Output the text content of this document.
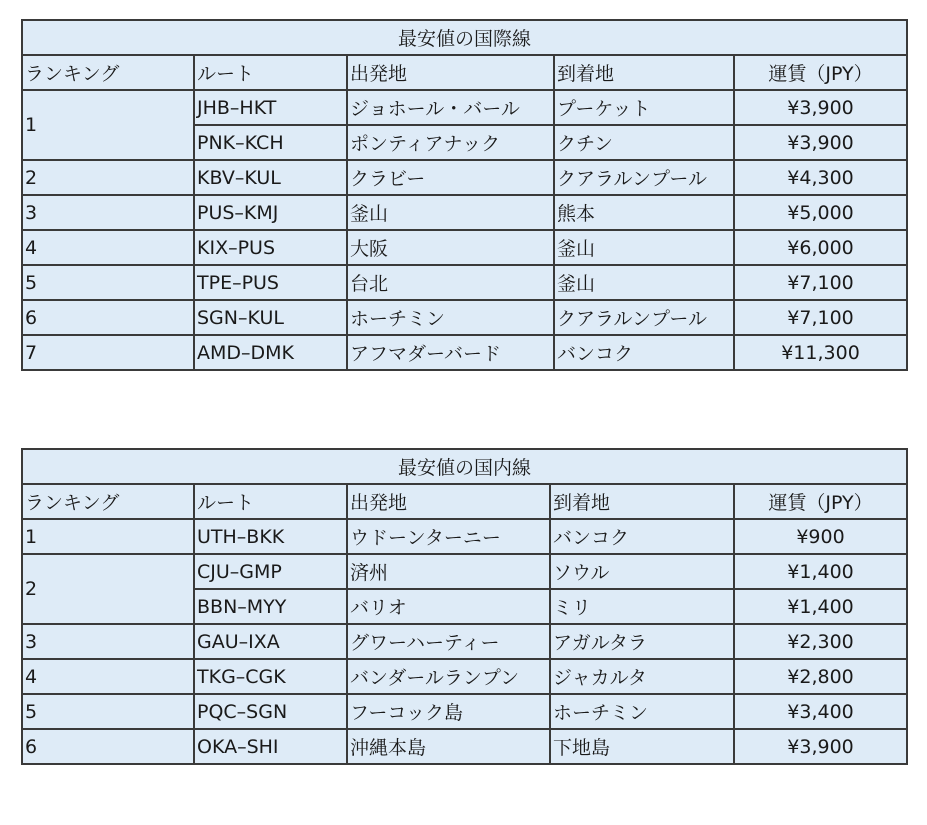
最安値の国際線				
ランキング	ルート	出発地	到着地	運賃（JPY）
1	JHB–HKT	ジョホール・バール	プーケット	¥3,900
	PNK–KCH	ポンティアナック	クチン	¥3,900
2	KBV–KUL	クラビー	クアラルンプール	¥4,300
3	PUS–KMJ	釜山	熊本	¥5,000
4	KIX–PUS	大阪	釜山	¥6,000
5	TPE–PUS	台北	釜山	¥7,100
6	SGN–KUL	ホーチミン	クアラルンプール	¥7,100
7	AMD–DMK	アフマダーバード	バンコク	¥11,300
最安値の国内線				
ランキング	ルート	出発地	到着地	運賃（JPY）
1	UTH–BKK	ウドーンターニー	バンコク	¥900
2	CJU–GMP	済州	ソウル	¥1,400
	BBN–MYY	バリオ	ミリ	¥1,400
3	GAU–IXA	グワーハーティー	アガルタラ	¥2,300
4	TKG–CGK	バンダールランプン	ジャカルタ	¥2,800
5	PQC–SGN	フーコック島	ホーチミン	¥3,400
6	OKA–SHI	沖縄本島	下地島	¥3,900
